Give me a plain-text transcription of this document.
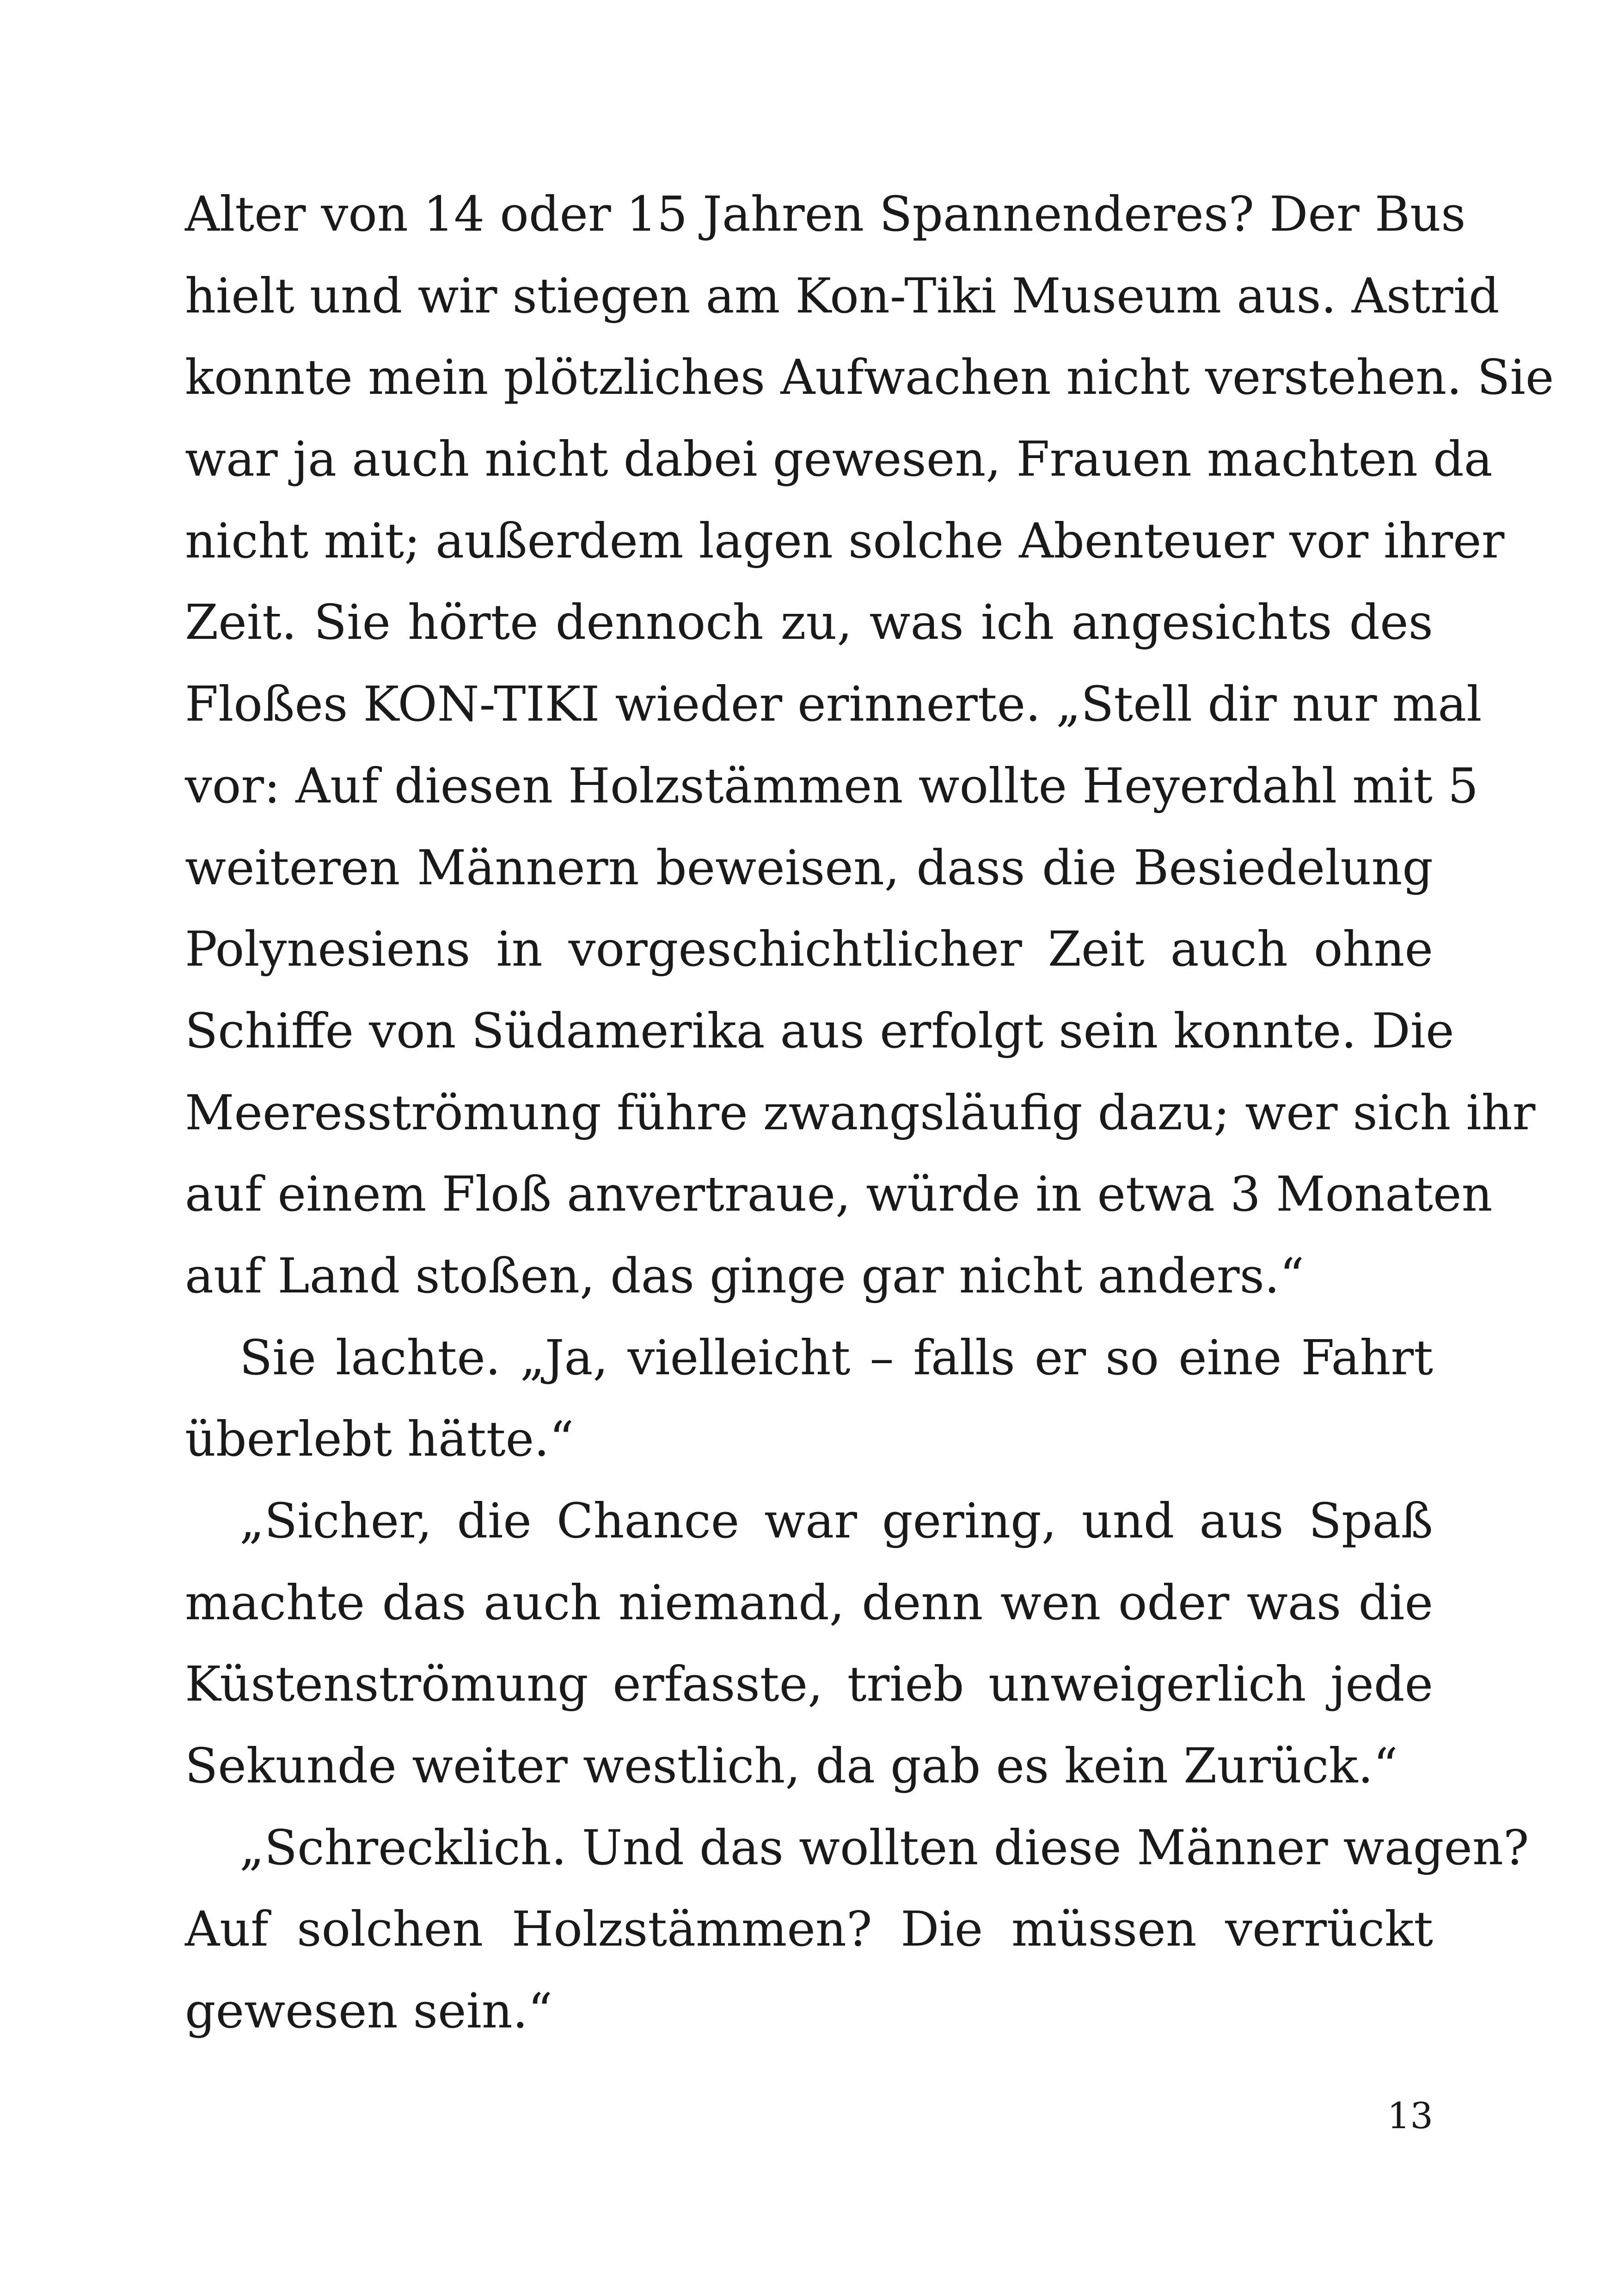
Alter von 14 oder 15 Jahren Spannenderes? Der Bus
hielt und wir stiegen am Kon-Tiki Museum aus. Astrid
konnte mein plötzliches Aufwachen nicht verstehen. Sie
war ja auch nicht dabei gewesen, Frauen machten da
nicht mit; außerdem lagen solche Abenteuer vor ihrer
Zeit. Sie hörte dennoch zu, was ich angesichts des
Floßes KON-TIKI wieder erinnerte. „Stell dir nur mal
vor: Auf diesen Holzstämmen wollte Heyerdahl mit 5
weiteren Männern beweisen, dass die Besiedelung
Polynesiens in vorgeschichtlicher Zeit auch ohne
Schiffe von Südamerika aus erfolgt sein konnte. Die
Meeresströmung führe zwangsläufig dazu; wer sich ihr
auf einem Floß anvertraue, würde in etwa 3 Monaten
auf Land stoßen, das ginge gar nicht anders.“
Sie lachte. „Ja, vielleicht – falls er so eine Fahrt
überlebt hätte.“
„Sicher, die Chance war gering, und aus Spaß
machte das auch niemand, denn wen oder was die
Küstenströmung erfasste, trieb unweigerlich jede
Sekunde weiter westlich, da gab es kein Zurück.“
„Schrecklich. Und das wollten diese Männer wagen?
Auf solchen Holzstämmen? Die müssen verrückt
gewesen sein.“
13
